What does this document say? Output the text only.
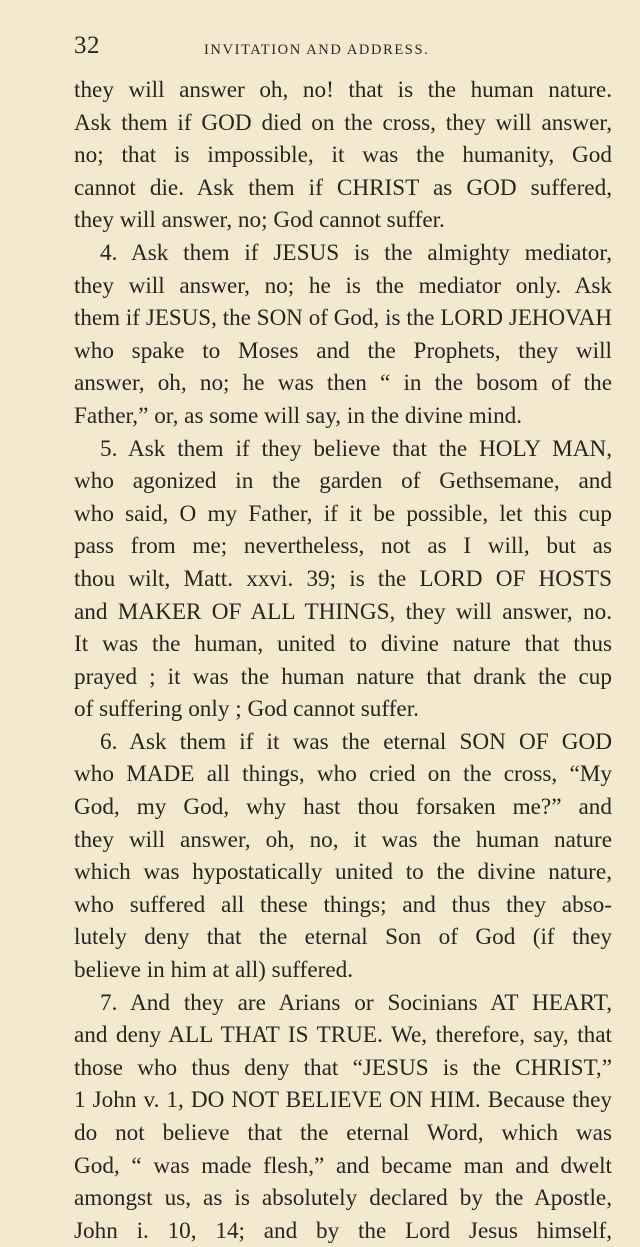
32	INVITATION AND ADDRESS.
they will answer oh, no! that is the human nature.
Ask them if GOD died on the cross, they will answer,
no; that is impossible, it was the humanity, God
cannot die. Ask them if CHRIST as GOD suffered,
they will answer, no; God cannot suffer.
4. Ask them if JESUS is the almighty mediator,
they will answer, no; he is the mediator only. Ask
them if JESUS, the SON of God, is the LORD JEHOVAH
who spake to Moses and the Prophets, they will
answer, oh, no; he was then “ in the bosom of the
Father,” or, as some will say, in the divine mind.
5. Ask them if they believe that the HOLY MAN,
who agonized in the garden of Gethsemane, and
who said, O my Father, if it be possible, let this cup
pass from me; nevertheless, not as I will, but as
thou wilt, Matt. xxvi. 39; is the LORD OF HOSTS
and MAKER OF ALL THINGS, they will answer, no.
It was the human, united to divine nature that thus
prayed ; it was the human nature that drank the cup
of suffering only ; God cannot suffer.
6. Ask them if it was the eternal SON OF GOD
who MADE all things, who cried on the cross, “My
God, my God, why hast thou forsaken me?” and
they will answer, oh, no, it was the human nature
which was hypostatically united to the divine nature,
who suffered all these things; and thus they abso-
lutely deny that the eternal Son of God (if they
believe in him at all) suffered.
7. And they are Arians or Socinians AT HEART,
and deny ALL THAT IS TRUE. We, therefore, say, that
those who thus deny that “JESUS is the CHRIST,”
1 John v. 1, DO NOT BELIEVE ON HIM. Because they
do not believe that the eternal Word, which was
God, “ was made flesh,” and became man and dwelt
amongst us, as is absolutely declared by the Apostle,
John i. 10, 14; and by the Lord Jesus himself,
